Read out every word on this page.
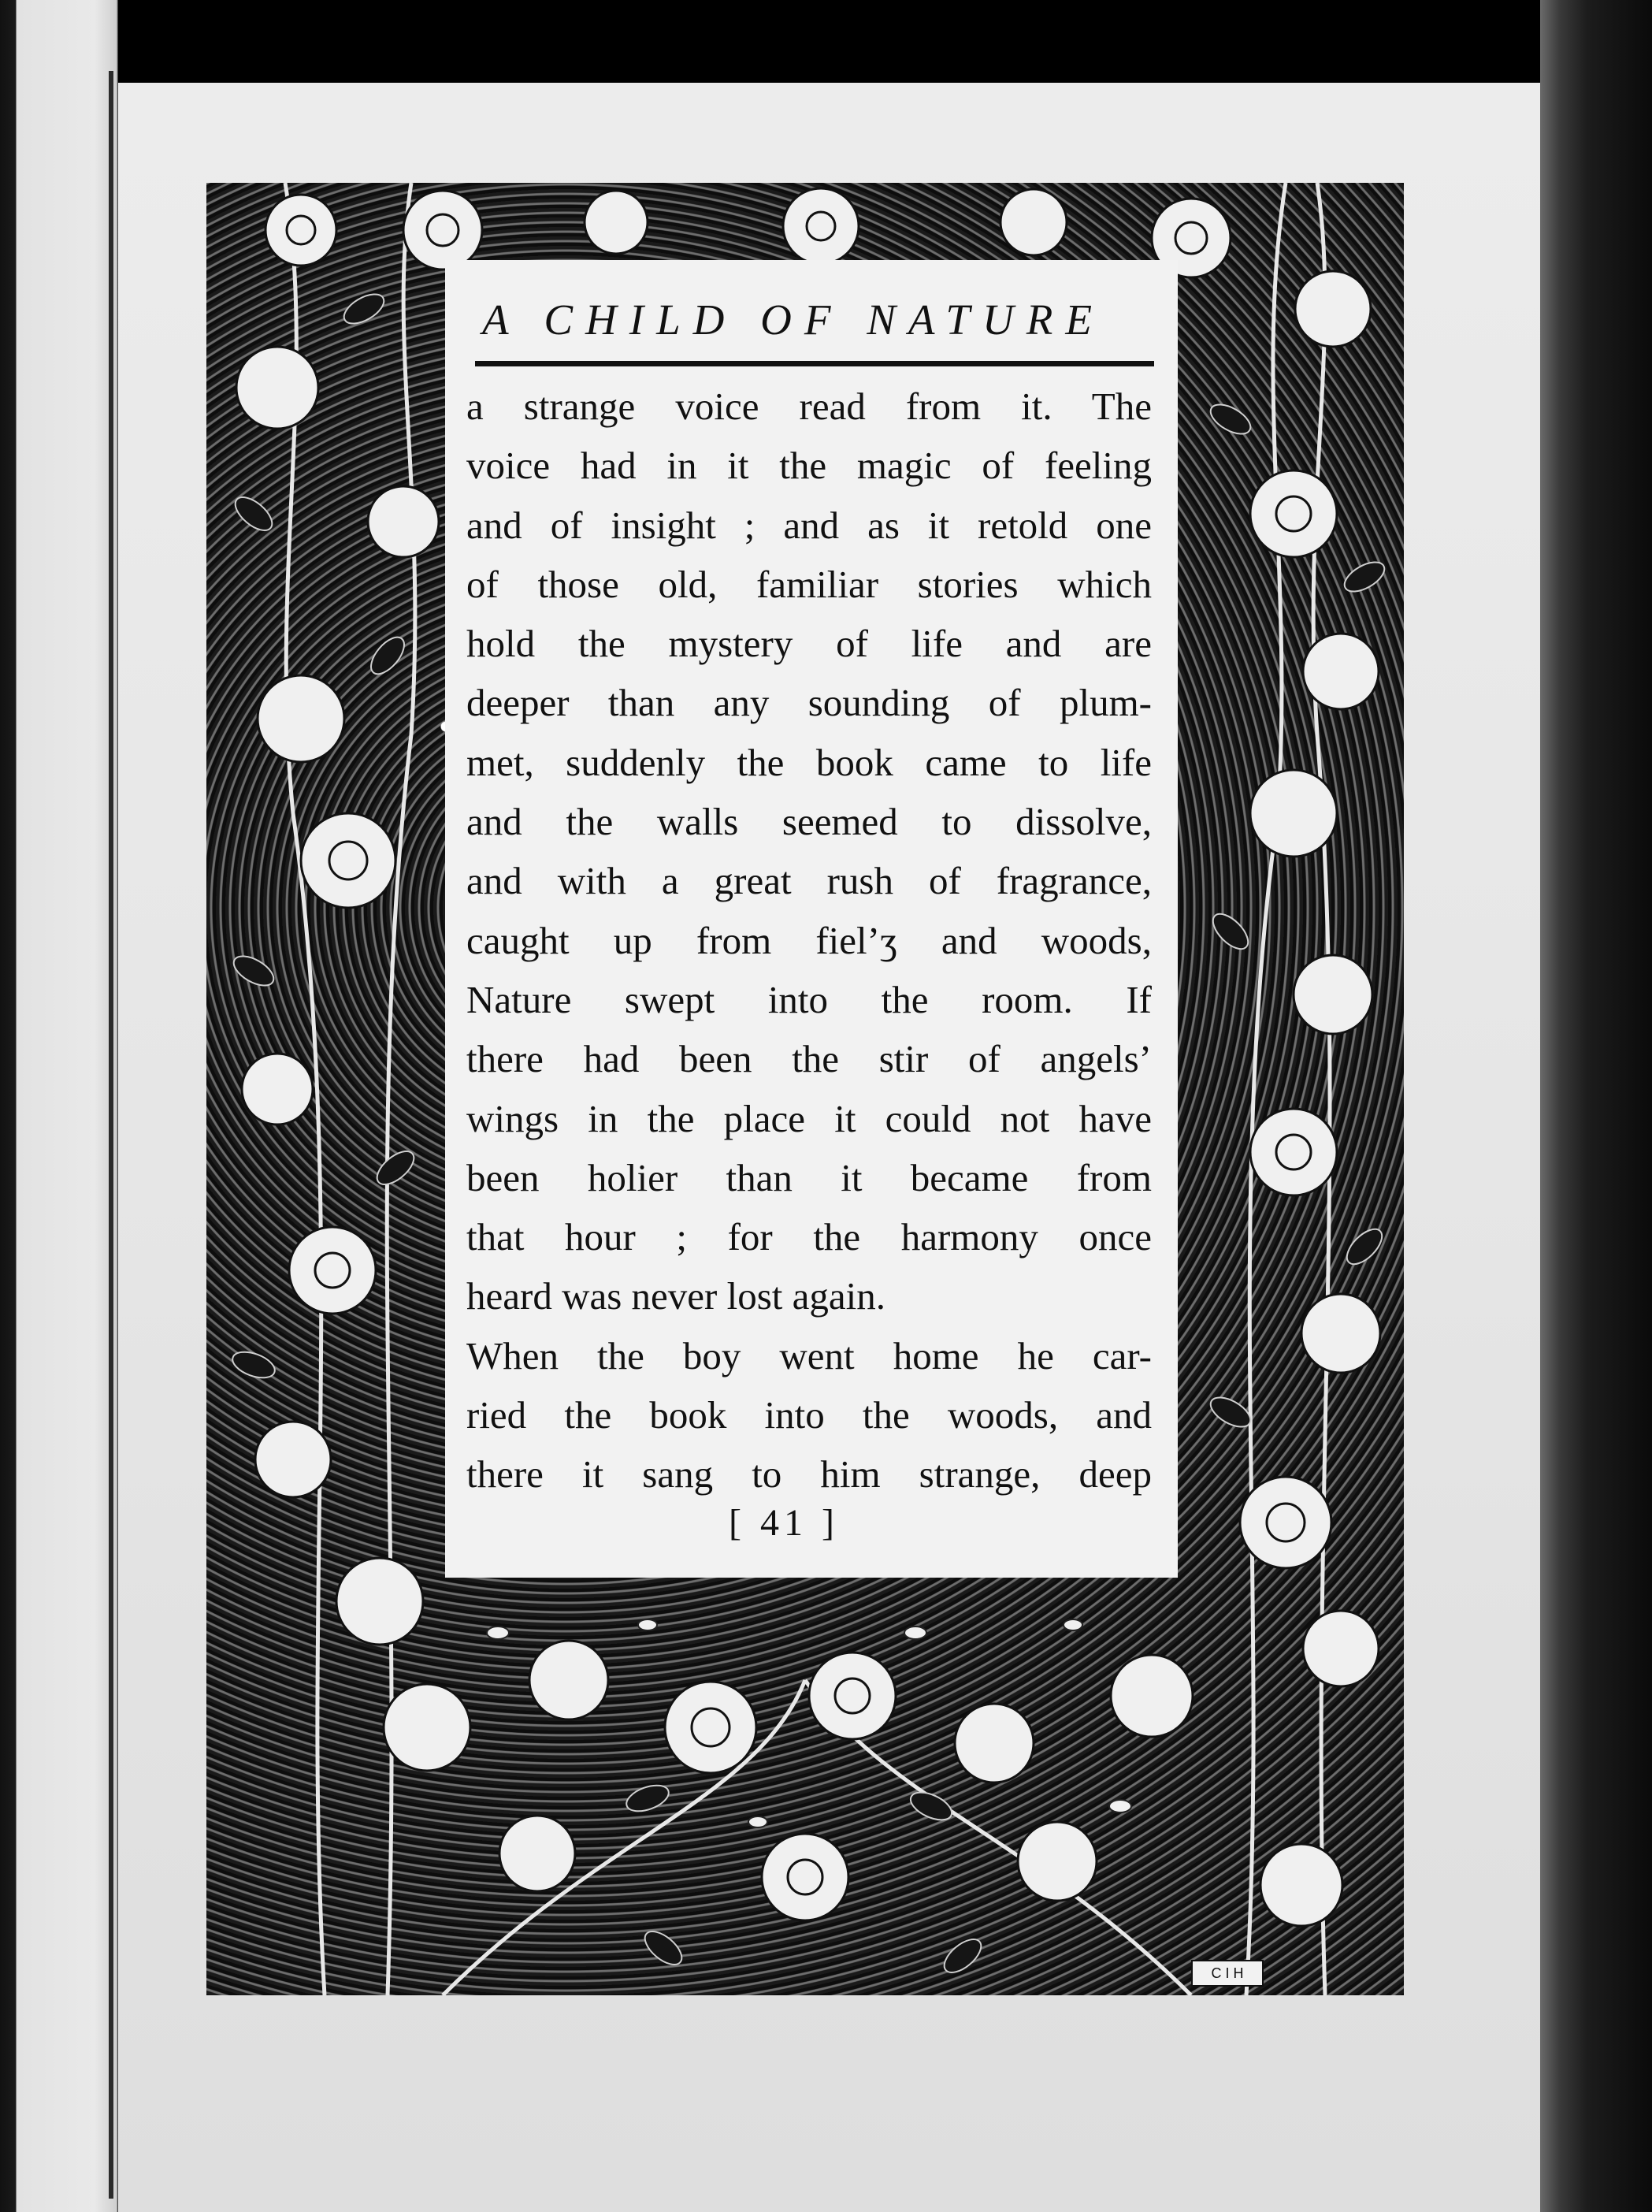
C I H
A CHILD OF NATURE
a strange voice read from it. The
voice had in it the magic of feeling
and of insight ; and as it retold one
of those old, familiar stories which
hold the mystery of life and are
deeper than any sounding of plum-
met, suddenly the book came to life
and the walls seemed to dissolve,
and with a great rush of fragrance,
caught up from fiel’ʒ and woods,
Nature swept into the room. If
there had been the stir of angels’
wings in the place it could not have
been holier than it became from
that hour ; for the harmony once
heard was never lost again.
When the boy went home he car-
ried the book into the woods, and
there it sang to him strange, deep
[ 41 ]
